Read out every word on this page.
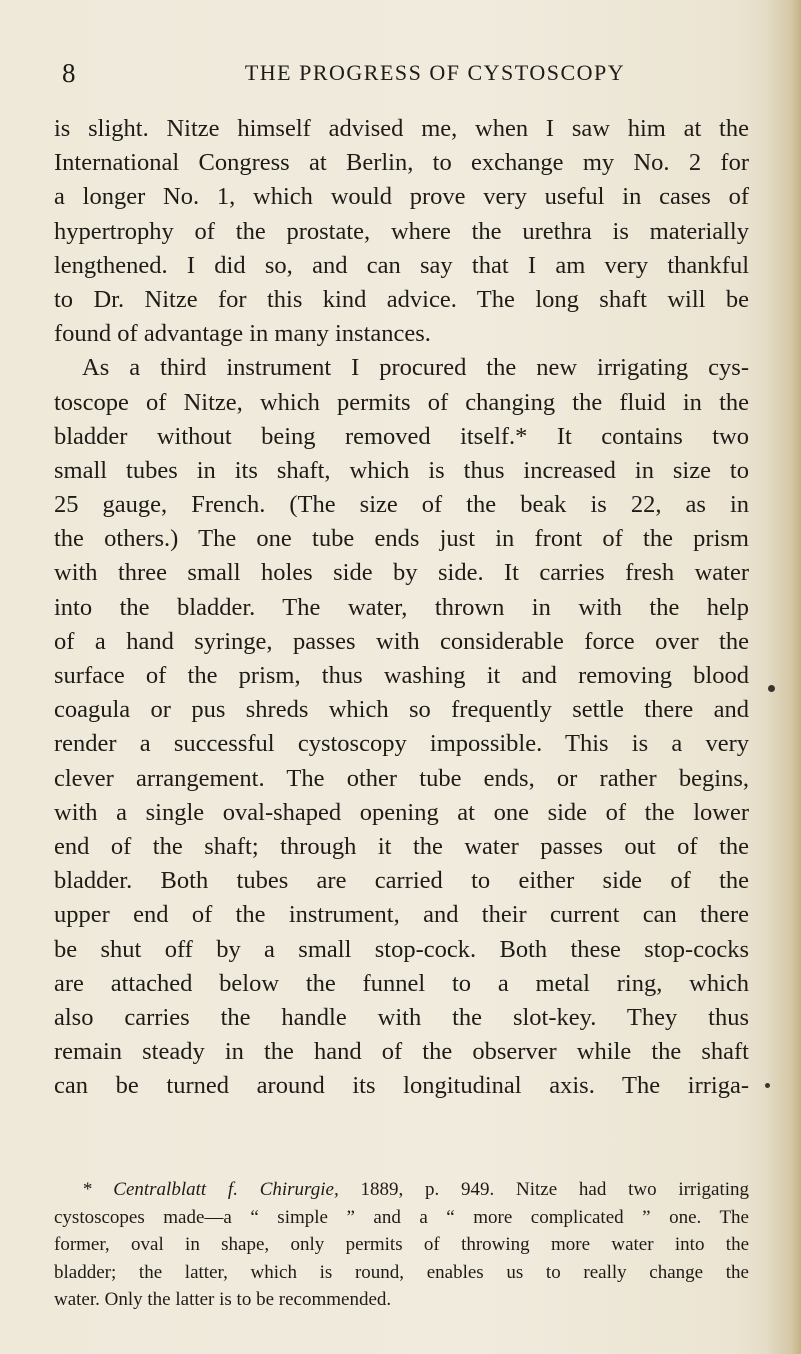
8	THE PROGRESS OF CYSTOSCOPY
is slight. Nitze himself advised me, when I saw him at the
International Congress at Berlin, to exchange my No. 2 for
a longer No. 1, which would prove very useful in cases of
hypertrophy of the prostate, where the urethra is materially
lengthened. I did so, and can say that I am very thankful
to Dr. Nitze for this kind advice. The long shaft will be
found of advantage in many instances.
As a third instrument I procured the new irrigating cys-
toscope of Nitze, which permits of changing the fluid in the
bladder without being removed itself.* It contains two
small tubes in its shaft, which is thus increased in size to
25 gauge, French. (The size of the beak is 22, as in
the others.) The one tube ends just in front of the prism
with three small holes side by side. It carries fresh water
into the bladder. The water, thrown in with the help
of a hand syringe, passes with considerable force over the
surface of the prism, thus washing it and removing blood
coagula or pus shreds which so frequently settle there and
render a successful cystoscopy impossible. This is a very
clever arrangement. The other tube ends, or rather begins,
with a single oval-shaped opening at one side of the lower
end of the shaft; through it the water passes out of the
bladder. Both tubes are carried to either side of the
upper end of the instrument, and their current can there
be shut off by a small stop-cock. Both these stop-cocks
are attached below the funnel to a metal ring, which
also carries the handle with the slot-key. They thus
remain steady in the hand of the observer while the shaft
can be turned around its longitudinal axis. The irriga-
* Centralblatt f. Chirurgie, 1889, p. 949. Nitze had two irrigating
cystoscopes made—a “ simple ” and a “ more complicated ” one. The
former, oval in shape, only permits of throwing more water into the
bladder; the latter, which is round, enables us to really change the
water. Only the latter is to be recommended.
